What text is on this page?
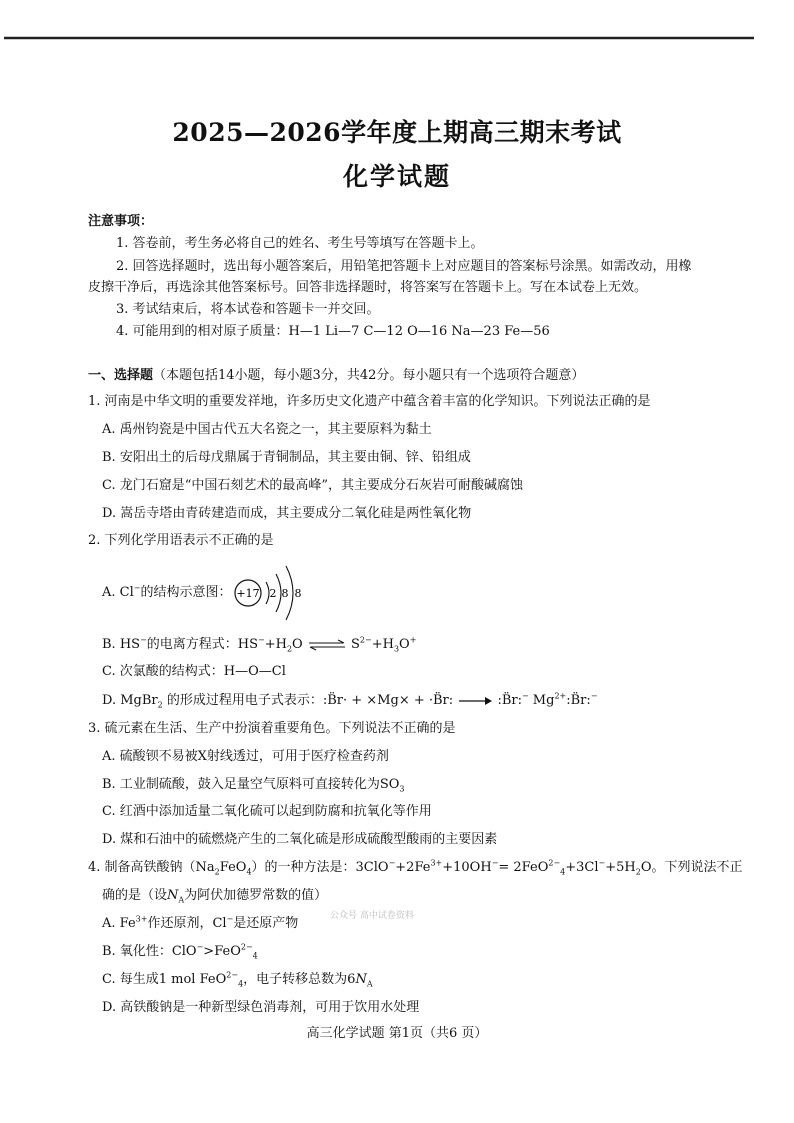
2025—2026学年度上期高三期末考试
化学试题
注意事项：
1. 答卷前，考生务必将自己的姓名、考生号等填写在答题卡上。
2. 回答选择题时，选出每小题答案后，用铅笔把答题卡上对应题目的答案标号涂黑。如需改动，用橡
皮擦干净后，再选涂其他答案标号。回答非选择题时，将答案写在答题卡上。写在本试卷上无效。
3. 考试结束后，将本试卷和答题卡一并交回。
4. 可能用到的相对原子质量：H—1 Li—7 C—12 O—16 Na—23 Fe—56
一、选择题（本题包括14小题，每小题3分，共42分。每小题只有一个选项符合题意）
1. 河南是中华文明的重要发祥地，许多历史文化遗产中蕴含着丰富的化学知识。下列说法正确的是
A. 禹州钧瓷是中国古代五大名瓷之一，其主要原料为黏土
B. 安阳出土的后母戊鼎属于青铜制品，其主要由铜、锌、铅组成
C. 龙门石窟是“中国石刻艺术的最高峰”，其主要成分石灰岩可耐酸碱腐蚀
D. 嵩岳寺塔由青砖建造而成，其主要成分二氧化硅是两性氧化物
2. 下列化学用语表示不正确的是
A. Cl−的结构示意图： +17 2 8 8
B. HS−的电离方程式：$HS^-+H_2O$ ⇌ $S^{2-}+H_3O^+$
C. 次氯酸的结构式：H—O—Cl
D. MgBr$_2$ 的形成过程用电子式表示：:B̈r· + ×Mg× + ·B̈r: → :B̈r:− $Mg^{2+}:B̈r:^-$
3. 硫元素在生活、生产中扮演着重要角色。下列说法不正确的是
A. 硫酸钡不易被X射线透过，可用于医疗检查药剂
B. 工业制硫酸，鼓入足量空气原料可直接转化为$SO_3$
C. 红酒中添加适量二氧化硫可以起到防腐和抗氧化等作用
D. 煤和石油中的硫燃烧产生的二氧化硫是形成硫酸型酸雨的主要因素
4. 制备高铁酸钠$(Na_2FeO_4)$的一种方法是：$3ClO^-+2Fe^{3+}+10OH^-= 2FeO^{2-}_4+3Cl^-+5H_2O$。下列说法不正
确的是（设$N_A$为阿伏加德罗常数的值）
公众号 高中试卷资料
A. $Fe^{3+}$作还原剂，Cl−是还原产物
B. 氧化性：ClO−>FeO$^{2-}_4$
C. 每生成1 mol FeO$^{2-}_4$，电子转移总数为$6N_A$
D. 高铁酸钠是一种新型绿色消毒剂，可用于饮用水处理
高三化学试题 第1页（共6 页）
